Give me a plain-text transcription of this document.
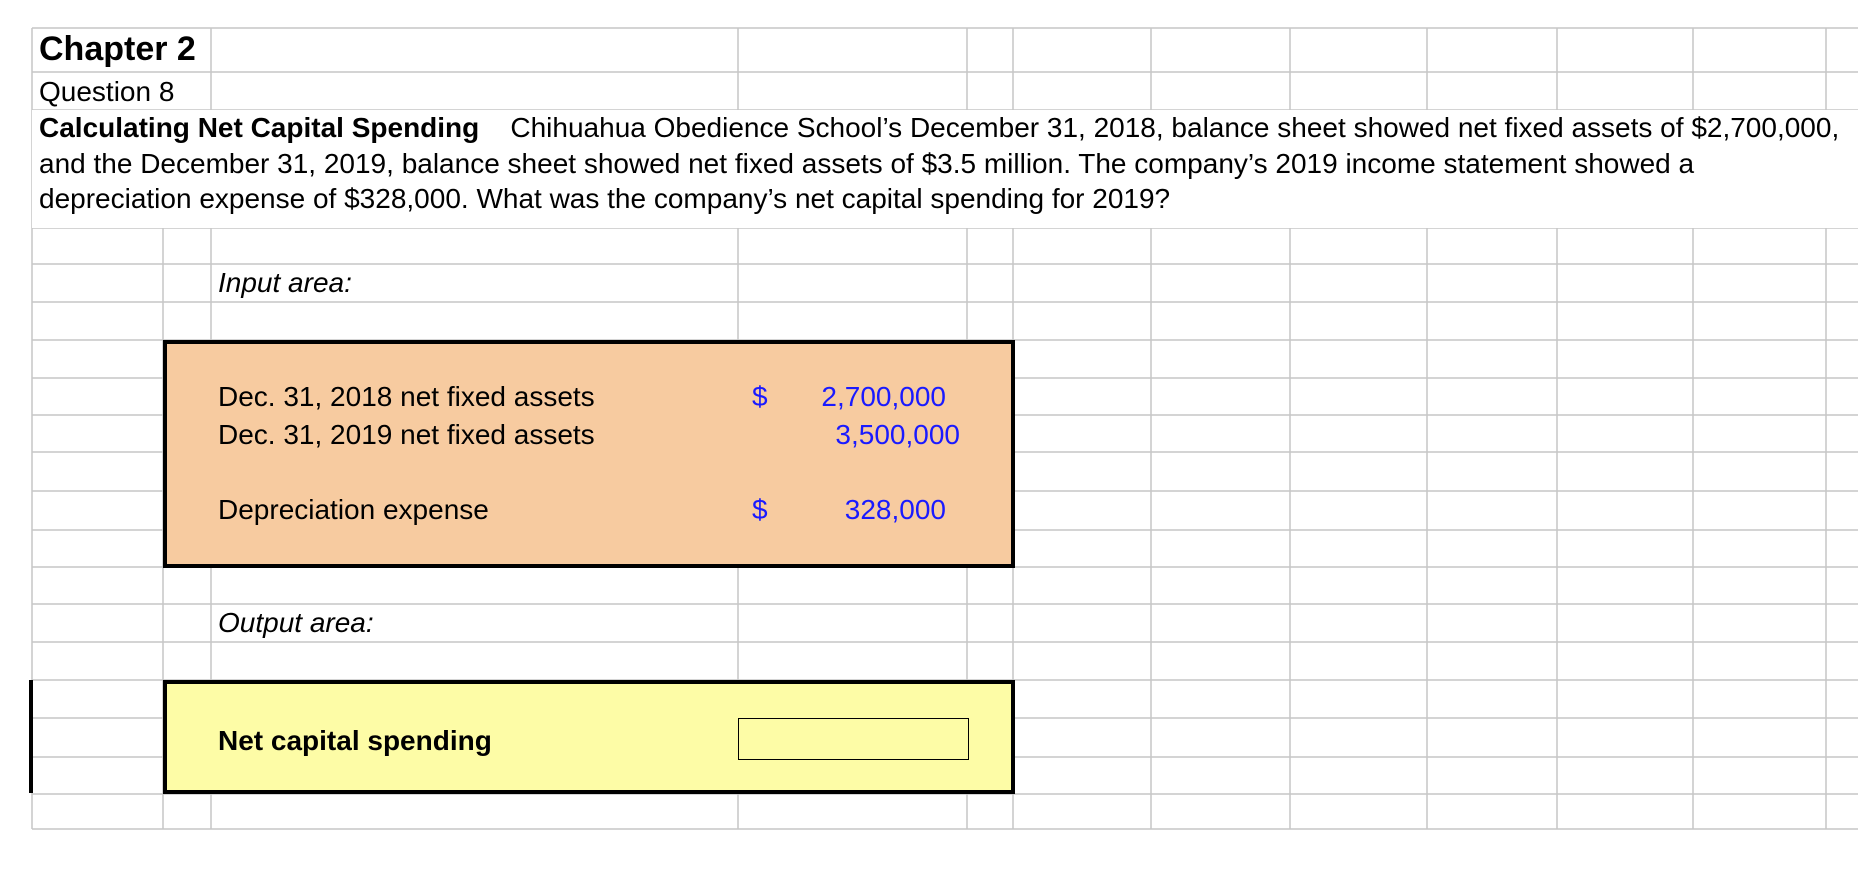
Chapter 2
Question 8
Calculating Net Capital Spending Chihuahua Obedience School’s December 31, 2018, balance sheet showed net fixed assets of $2,700,000, and the December 31, 2019, balance sheet showed net fixed assets of $3.5 million. The company’s 2019 income statement showed a depreciation expense of $328,000. What was the company’s net capital spending for 2019?
Input area:
Dec. 31, 2018 net fixed assets	$	2,700,000
Dec. 31, 2019 net fixed assets	3,500,000
Depreciation expense	$	328,000
Output area:
Net capital spending
